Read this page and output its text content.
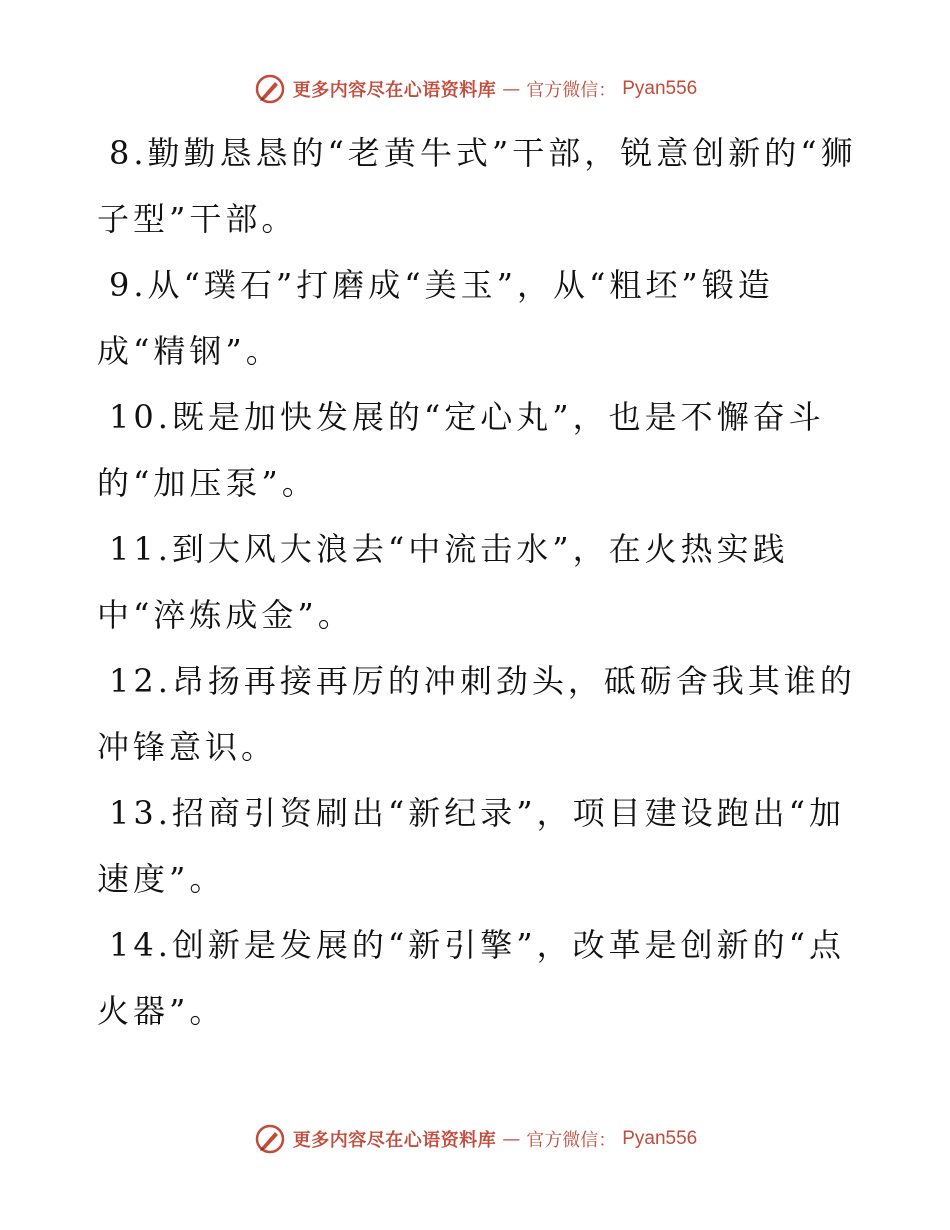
更多内容尽在心语资料库 — 官方微信： Pyan556

8.勤勤恳恳的“老黄牛式”干部，锐意创新的“狮子型”干部。

9.从“璞石”打磨成“美玉”，从“粗坯”锻造成“精钢”。

10.既是加快发展的“定心丸”，也是不懈奋斗的“加压泵”。

11.到大风大浪去“中流击水”，在火热实践中“淬炼成金”。

12.昂扬再接再厉的冲刺劲头，砥砺舍我其谁的冲锋意识。

13.招商引资刷出“新纪录”，项目建设跑出“加速度”。

14.创新是发展的“新引擎”，改革是创新的“点火器”。

更多内容尽在心语资料库 — 官方微信： Pyan556
